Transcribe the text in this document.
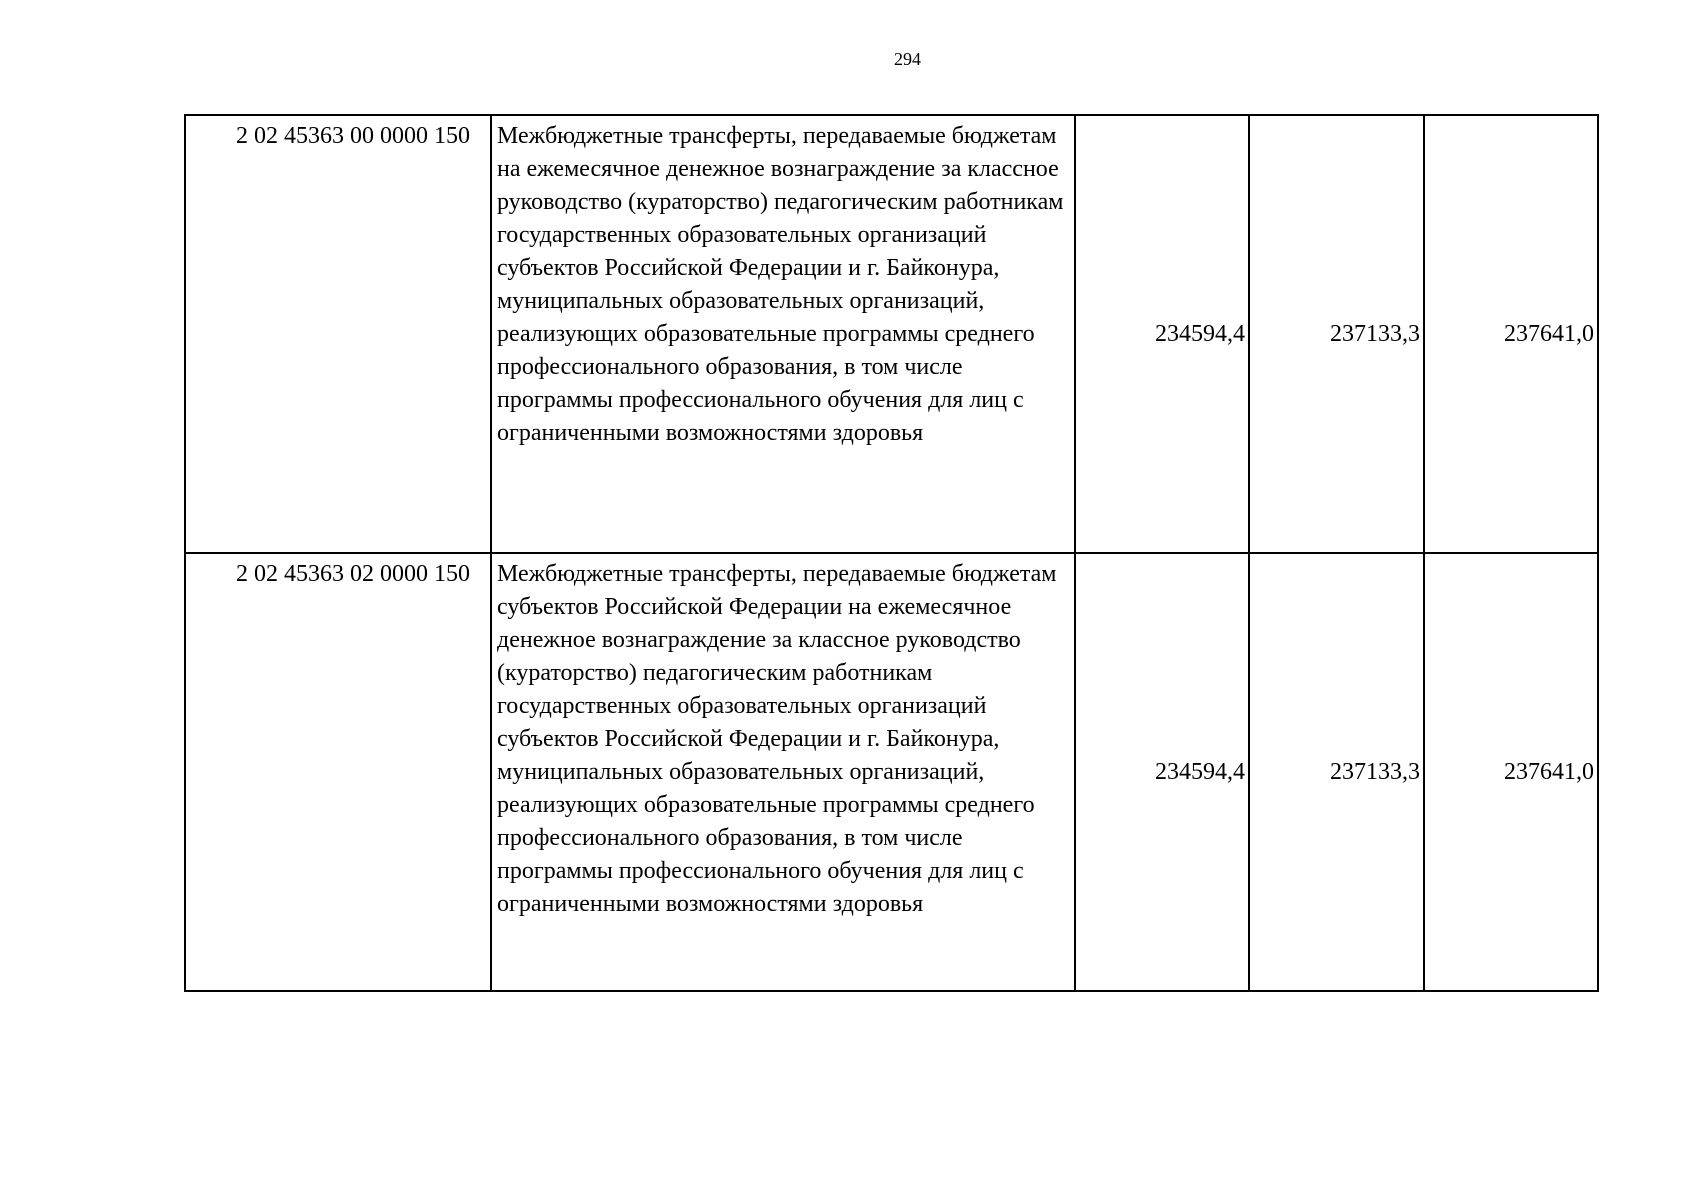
294
2 02 45363 00 0000 150	Межбюджетные трансферты, передаваемые бюджетам на ежемесячное денежное вознаграждение за классное руководство (кураторство) педагогическим работникам государственных образовательных организаций субъектов Российской Федерации и г. Байконура, муниципальных образовательных организаций, реализующих образовательные программы среднего профессионального образования, в том числе программы профессионального обучения для лиц с ограниченными возможностями здоровья	234594,4	237133,3	237641,0
2 02 45363 02 0000 150	Межбюджетные трансферты, передаваемые бюджетам субъектов Российской Федерации на ежемесячное денежное вознаграждение за классное руководство (кураторство) педагогическим работникам государственных образовательных организаций субъектов Российской Федерации и г. Байконура, муниципальных образовательных организаций, реализующих образовательные программы среднего профессионального образования, в том числе программы профессионального обучения для лиц с ограниченными возможностями здоровья	234594,4	237133,3	237641,0
